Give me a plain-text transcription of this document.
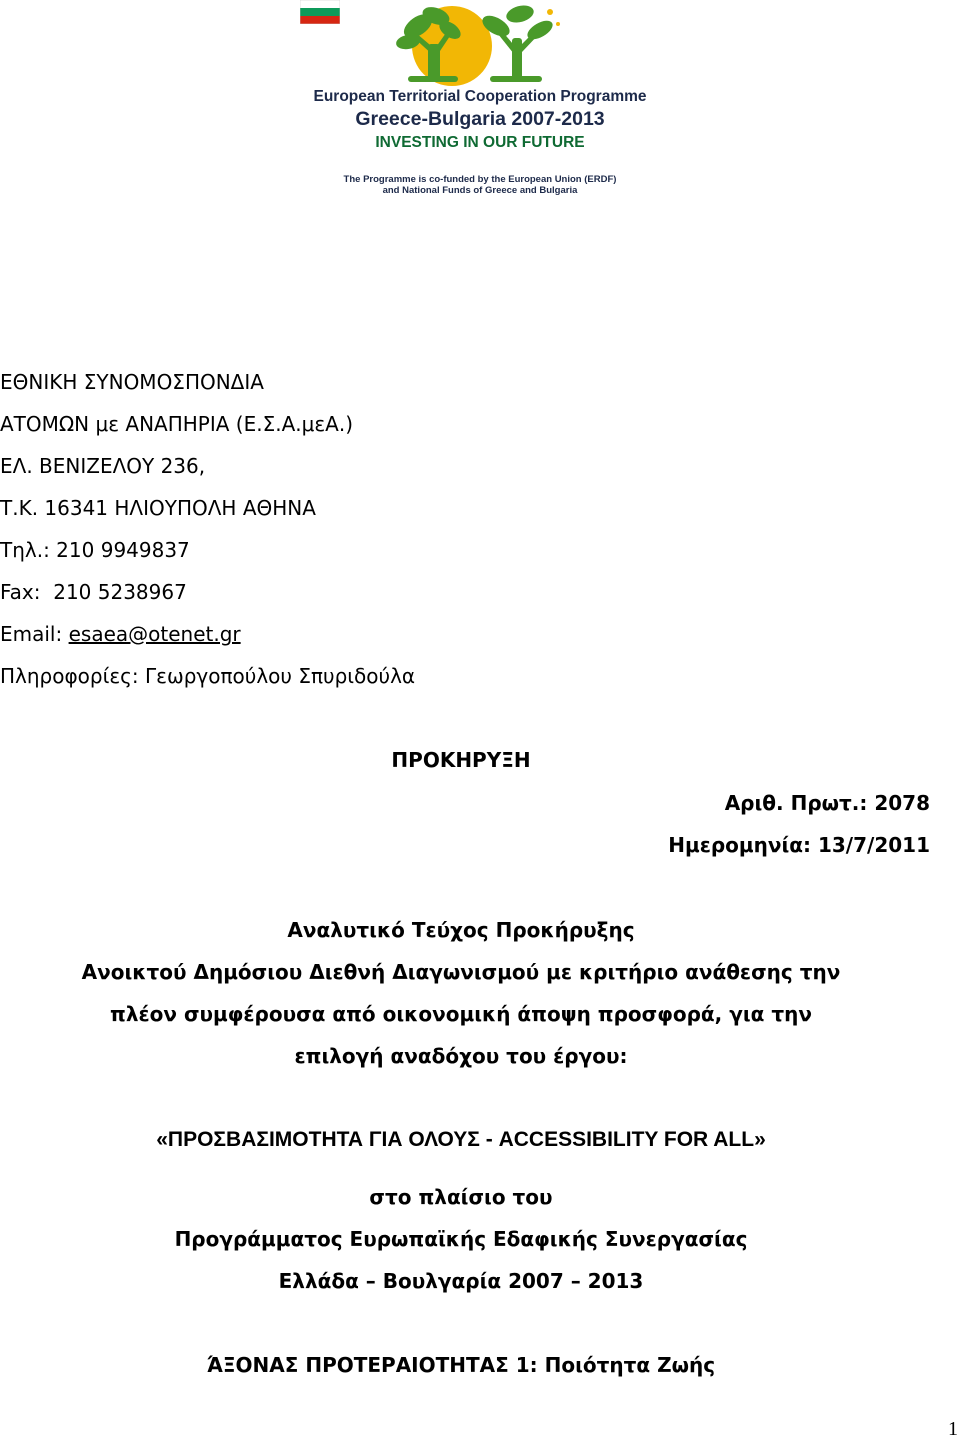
European Territorial Cooperation Programme
Greece-Bulgaria 2007-2013
INVESTING IN OUR FUTURE
The Programme is co-funded by the European Union (ERDF)
and National Funds of Greece and Bulgaria
ΕΘΝΙΚΗ ΣΥΝΟΜΟΣΠΟΝΔΙΑ
ΑΤΟΜΩΝ με ΑΝΑΠΗΡΙΑ (Ε.Σ.Α.μεΑ.)
ΕΛ. ΒΕΝΙΖΕΛΟΥ 236,
Τ.Κ. 16341 ΗΛΙΟΥΠΟΛΗ ΑΘΗΝΑ
Τηλ.: 210 9949837
Fax:  210 5238967
Email: esaea@otenet.gr
Πληροφορίες: Γεωργοπούλου Σπυριδούλα
ΠΡΟΚΗΡΥΞΗ
Αριθ. Πρωτ.: 2078
Ημερομηνία: 13/7/2011
Αναλυτικό Τεύχος Προκήρυξης
Ανοικτού Δημόσιου Διεθνή Διαγωνισμού με κριτήριο ανάθεσης την
πλέον συμφέρουσα από οικονομική άποψη προσφορά, για την
επιλογή αναδόχου του έργου:
«ΠΡΟΣΒΑΣΙΜΟΤΗΤΑ ΓΙΑ ΟΛΟΥΣ - ACCESSIBILITY FOR ALL»
στο πλαίσιο του
Προγράμματος Ευρωπαϊκής Εδαφικής Συνεργασίας
Ελλάδα – Βουλγαρία 2007 – 2013
ΆΞΟΝΑΣ ΠΡΟΤΕΡΑΙΟΤΗΤΑΣ 1: Ποιότητα Ζωής
1
